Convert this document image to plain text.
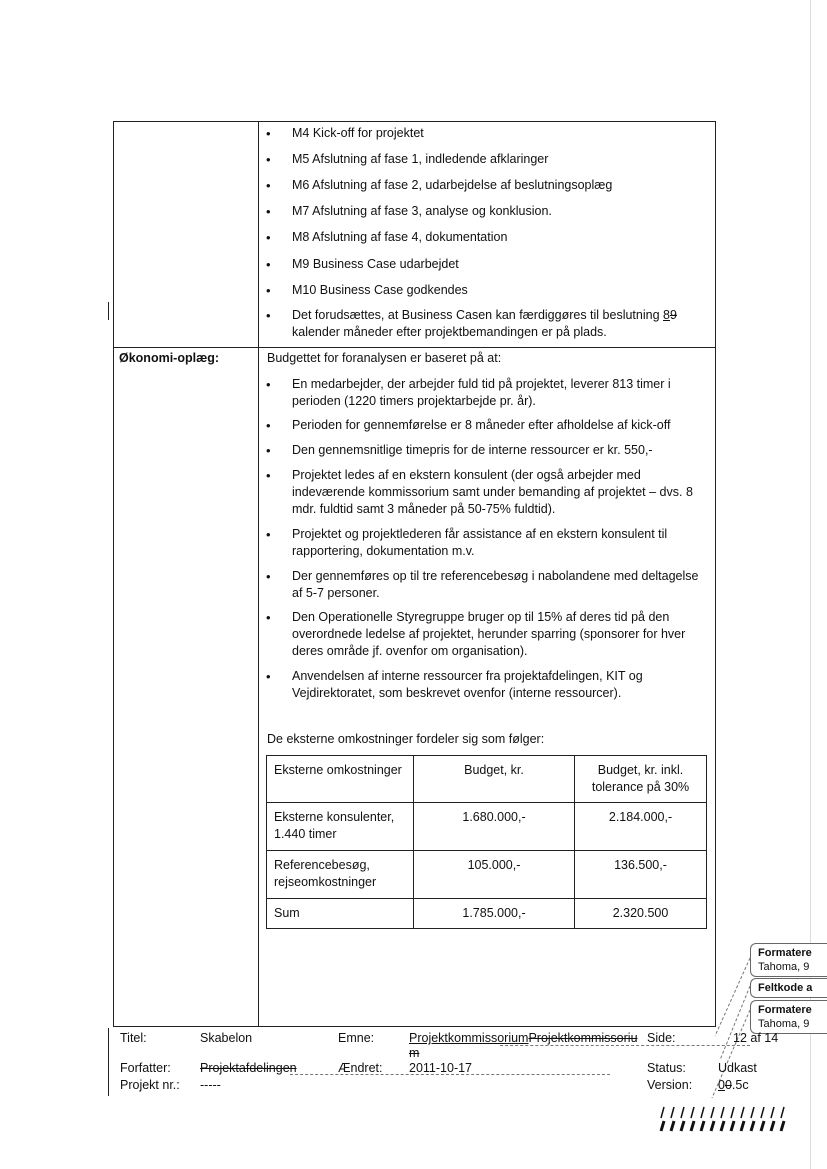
• M4 Kick-off for projektet
• M5 Afslutning af fase 1, indledende afklaringer
• M6 Afslutning af fase 2, udarbejdelse af beslutningsoplæg
• M7 Afslutning af fase 3, analyse og konklusion.
• M8 Afslutning af fase 4, dokumentation
• M9 Business Case udarbejdet
• M10 Business Case godkendes
• Det forudsættes, at Business Casen kan færdiggøres til beslutning 89
kalender måneder efter projektbemandingen er på plads.
Økonomi-oplæg:	Budgettet for foranalysen er baseret på at:
• En medarbejder, der arbejder fuld tid på projektet, leverer 813 timer i perioden (1220 timers projektarbejde pr. år).
• Perioden for gennemførelse er 8 måneder efter afholdelse af kick-off
• Den gennemsnitlige timepris for de interne ressourcer er kr. 550,-
• Projektet ledes af en ekstern konsulent (der også arbejder med indeværende kommissorium samt under bemanding af projektet – dvs. 8 mdr. fuldtid samt 3 måneder på 50-75% fuldtid).
• Projektet og projektlederen får assistance af en ekstern konsulent til rapportering, dokumentation m.v.
• Der gennemføres op til tre referencebesøg i nabolandene med deltagelse af 5-7 personer.
• Den Operationelle Styregruppe bruger op til 15% af deres tid på den overordnede ledelse af projektet, herunder sparring (sponsorer for hver deres område jf. ovenfor om organisation).
• Anvendelsen af interne ressourcer fra projektafdelingen, KIT og Vejdirektoratet, som beskrevet ovenfor (interne ressourcer).
De eksterne omkostninger fordeler sig som følger:
Eksterne omkostninger	Budget, kr.	Budget, kr. inkl. tolerance på 30%
Eksterne konsulenter, 1.440 timer	1.680.000,-	2.184.000,-
Referencebesøg, rejseomkostninger	105.000,-	136.500,-
Sum	1.785.000,-	2.320.500
Formatere
Tahoma, 9
Feltkode a
Formatere
Tahoma, 9
Titel:	Skabelon	Emne:	ProjektkommissoriumProjektkommissoriu
m
Side:	12 af 14
Forfatter: Projektafdelingen	Ændret: 2011-10-17	Status:	Udkast
Projekt nr.: -----	Version: 00.5c
